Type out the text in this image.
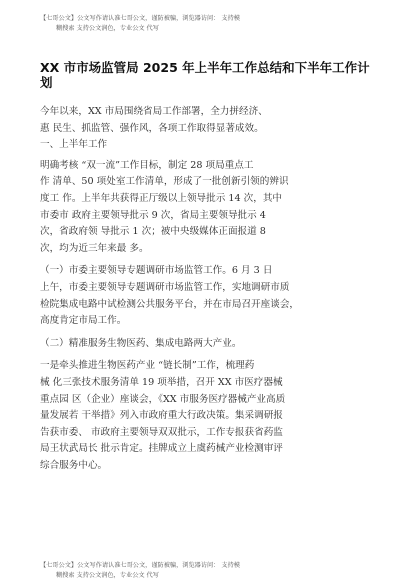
【七哥公文】公文写作请认准七哥公文，谨防被骗，浏览器访问： 支持模
糊搜索 支持公文润色，专业公文 代写
XX 市市场监管局 2025 年上半年工作总结和下半年工作计
划
今年以来，XX 市局围绕省局工作部署，全力拼经济、
惠 民生、抓监管、强作风，各项工作取得显著成效。
一、上半年工作
明确考核 “双一流”工作目标，制定 28 项局重点工
作 清单、50 项处室工作清单，形成了一批创新引领的辨识
度工 作。上半年共获得正厅级以上领导批示 14 次，其中
市委市 政府主要领导批示 9 次，省局主要领导批示 4
次，省政府领 导批示 1 次；被中央级媒体正面报道 8
次，均为近三年来最 多。
（一）市委主要领导专题调研市场监管工作。6 月 3 日
上午，市委主要领导专题调研市场监管工作，实地调研市质
检院集成电路中试检测公共服务平台，并在市局召开座谈会，
高度肯定市局工作。
（二）精准服务生物医药、集成电路两大产业。
一是牵头推进生物医药产业 “链长制”工作，梳理药
械 化三张技术服务清单 19 项举措，召开 XX 市医疗器械
重点园 区（企业）座谈会，《XX 市服务医疗器械产业高质
量发展若 干举措》列入市政府重大行政决策。集采调研报
告获市委、 市政府主要领导双双批示，工作专报获省药监
局王状武局长 批示肯定。挂牌成立上虞药械产业检测审评
综合服务中心。
【七哥公文】公文写作请认准七哥公文，谨防被骗，浏览器访问： 支持模
糊搜索 支持公文润色，专业公文 代写
